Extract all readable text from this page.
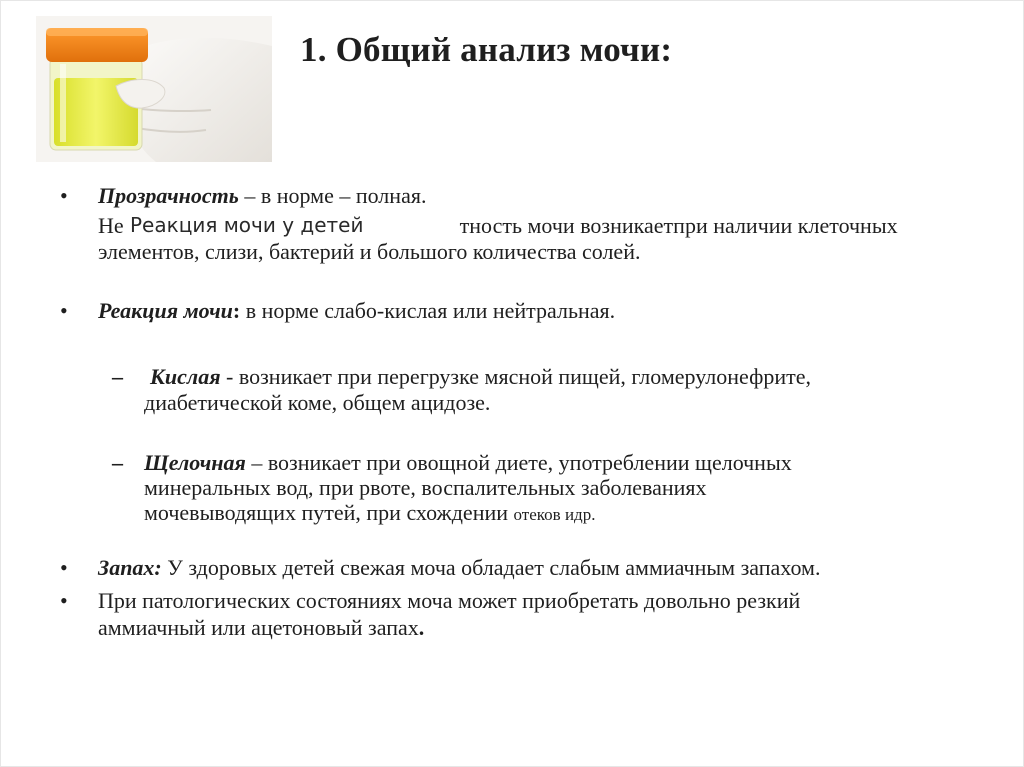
1. Общий анализ мочи:
• Прозрачность – в норме – полная.
Не	тность мочи возникаетпри наличии клеточных
Реакция мочи у детей
элементов, слизи, бактерий и большого количества солей.
• Реакция мочи: в норме слабо-кислая или нейтральная.
– Кислая - возникает при перегрузке мясной пищей, гломерулонефрите,
диабетической коме, общем ацидозе.
– Щелочная – возникает при овощной диете, употреблении щелочных
минеральных вод, при рвоте, воспалительных заболеваниях
мочевыводящих путей, при схождении отеков идр.
• Запах: У здоровых детей свежая моча обладает слабым аммиачным запахом.
• При патологических состояниях моча может приобретать довольно резкий
аммиачный или ацетоновый запах.
